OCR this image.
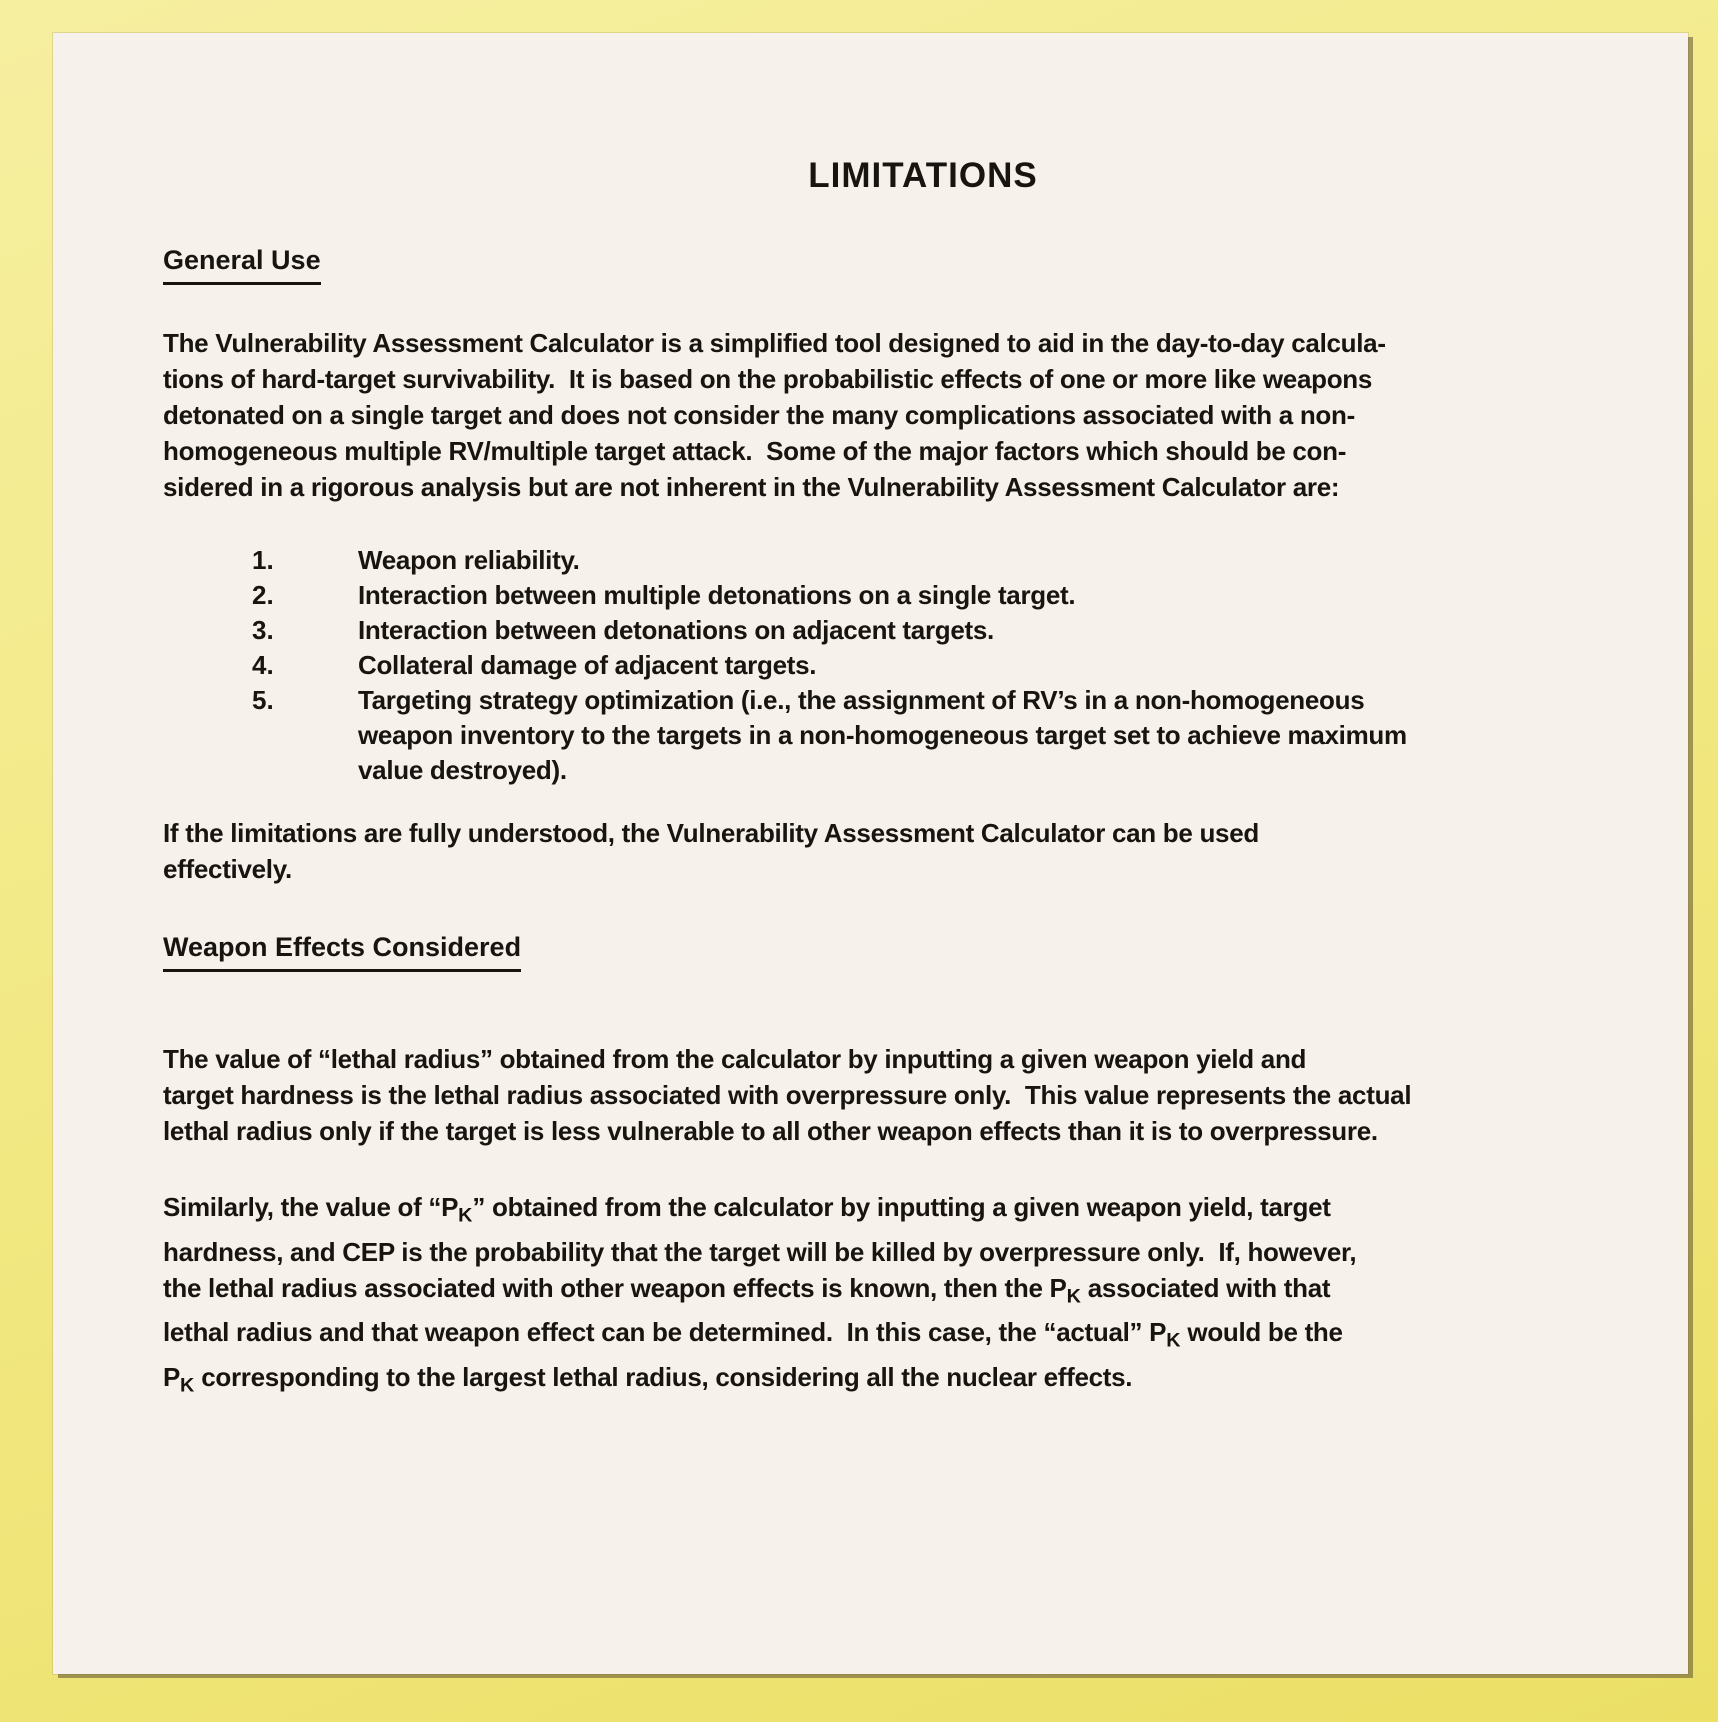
LIMITATIONS
General Use
The Vulnerability Assessment Calculator is a simplified tool designed to aid in the day-to-day calcula-
tions of hard-target survivability.  It is based on the probabilistic effects of one or more like weapons
detonated on a single target and does not consider the many complications associated with a non-
homogeneous multiple RV/multiple target attack.  Some of the major factors which should be con-
sidered in a rigorous analysis but are not inherent in the Vulnerability Assessment Calculator are:
1.	Weapon reliability.
2.	Interaction between multiple detonations on a single target.
3.	Interaction between detonations on adjacent targets.
4.	Collateral damage of adjacent targets.
5.	Targeting strategy optimization (i.e., the assignment of RV’s in a non-homogeneous
weapon inventory to the targets in a non-homogeneous target set to achieve maximum
value destroyed).
If the limitations are fully understood, the Vulnerability Assessment Calculator can be used
effectively.
Weapon Effects Considered
The value of “lethal radius” obtained from the calculator by inputting a given weapon yield and
target hardness is the lethal radius associated with overpressure only.  This value represents the actual
lethal radius only if the target is less vulnerable to all other weapon effects than it is to overpressure.
Similarly, the value of “$P_K$” obtained from the calculator by inputting a given weapon yield, target
hardness, and CEP is the probability that the target will be killed by overpressure only.  If, however,
the lethal radius associated with other weapon effects is known, then the $P_K$ associated with that
lethal radius and that weapon effect can be determined.  In this case, the “actual” $P_K$ would be the
$P_K$ corresponding to the largest lethal radius, considering all the nuclear effects.
